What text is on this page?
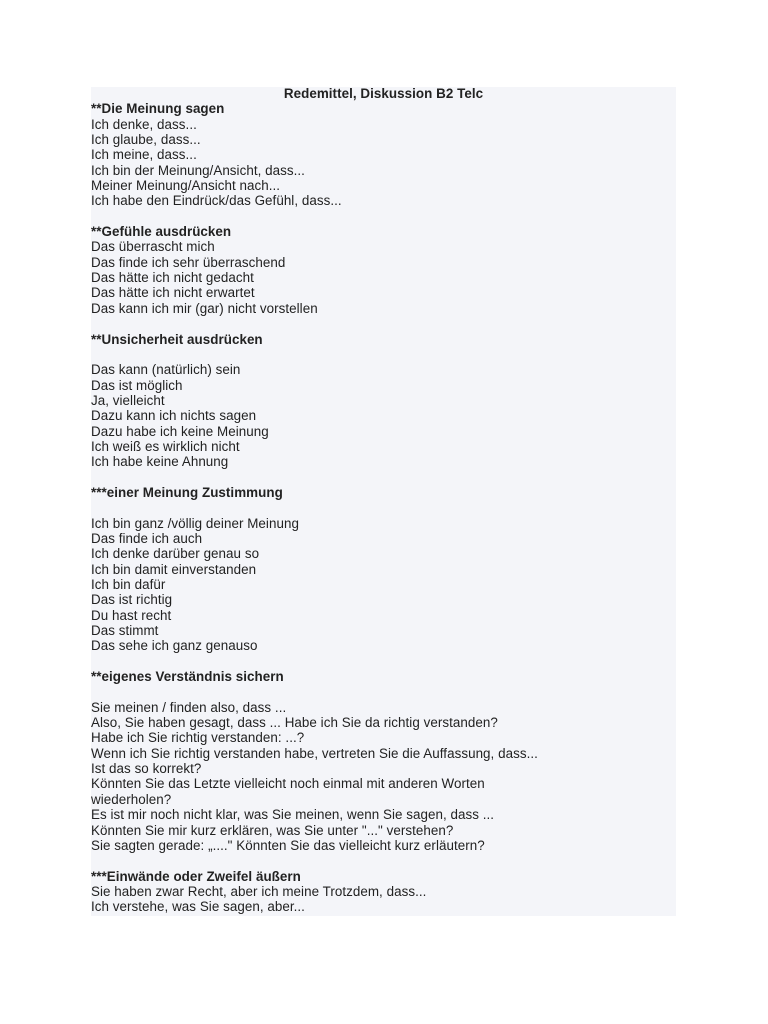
Redemittel, Diskussion B2 Telc
**Die Meinung sagen
Ich denke, dass...
Ich glaube, dass...
Ich meine, dass...
Ich bin der Meinung/Ansicht, dass...
Meiner Meinung/Ansicht nach...
Ich habe den Eindrück/das Gefühl, dass...
**Gefühle ausdrücken
Das überrascht mich
Das finde ich sehr überraschend
Das hätte ich nicht gedacht
Das hätte ich nicht erwartet
Das kann ich mir (gar) nicht vorstellen
**Unsicherheit ausdrücken
Das kann (natürlich) sein
Das ist möglich
Ja, vielleicht
Dazu kann ich nichts sagen
Dazu habe ich keine Meinung
Ich weiß es wirklich nicht
Ich habe keine Ahnung
***einer Meinung Zustimmung
Ich bin ganz /völlig deiner Meinung
Das finde ich auch
Ich denke darüber genau so
Ich bin damit einverstanden
Ich bin dafür
Das ist richtig
Du hast recht
Das stimmt
Das sehe ich ganz genauso
**eigenes Verständnis sichern
Sie meinen / finden also, dass ...
Also, Sie haben gesagt, dass ... Habe ich Sie da richtig verstanden?
Habe ich Sie richtig verstanden: ...?
Wenn ich Sie richtig verstanden habe, vertreten Sie die Auffassung, dass...
Ist das so korrekt?
Könnten Sie das Letzte vielleicht noch einmal mit anderen Worten
wiederholen?
Es ist mir noch nicht klar, was Sie meinen, wenn Sie sagen, dass ...
Könnten Sie mir kurz erklären, was Sie unter "..." verstehen?
Sie sagten gerade: „...." Könnten Sie das vielleicht kurz erläutern?
***Einwände oder Zweifel äußern
Sie haben zwar Recht, aber ich meine Trotzdem, dass...
Ich verstehe, was Sie sagen, aber...
